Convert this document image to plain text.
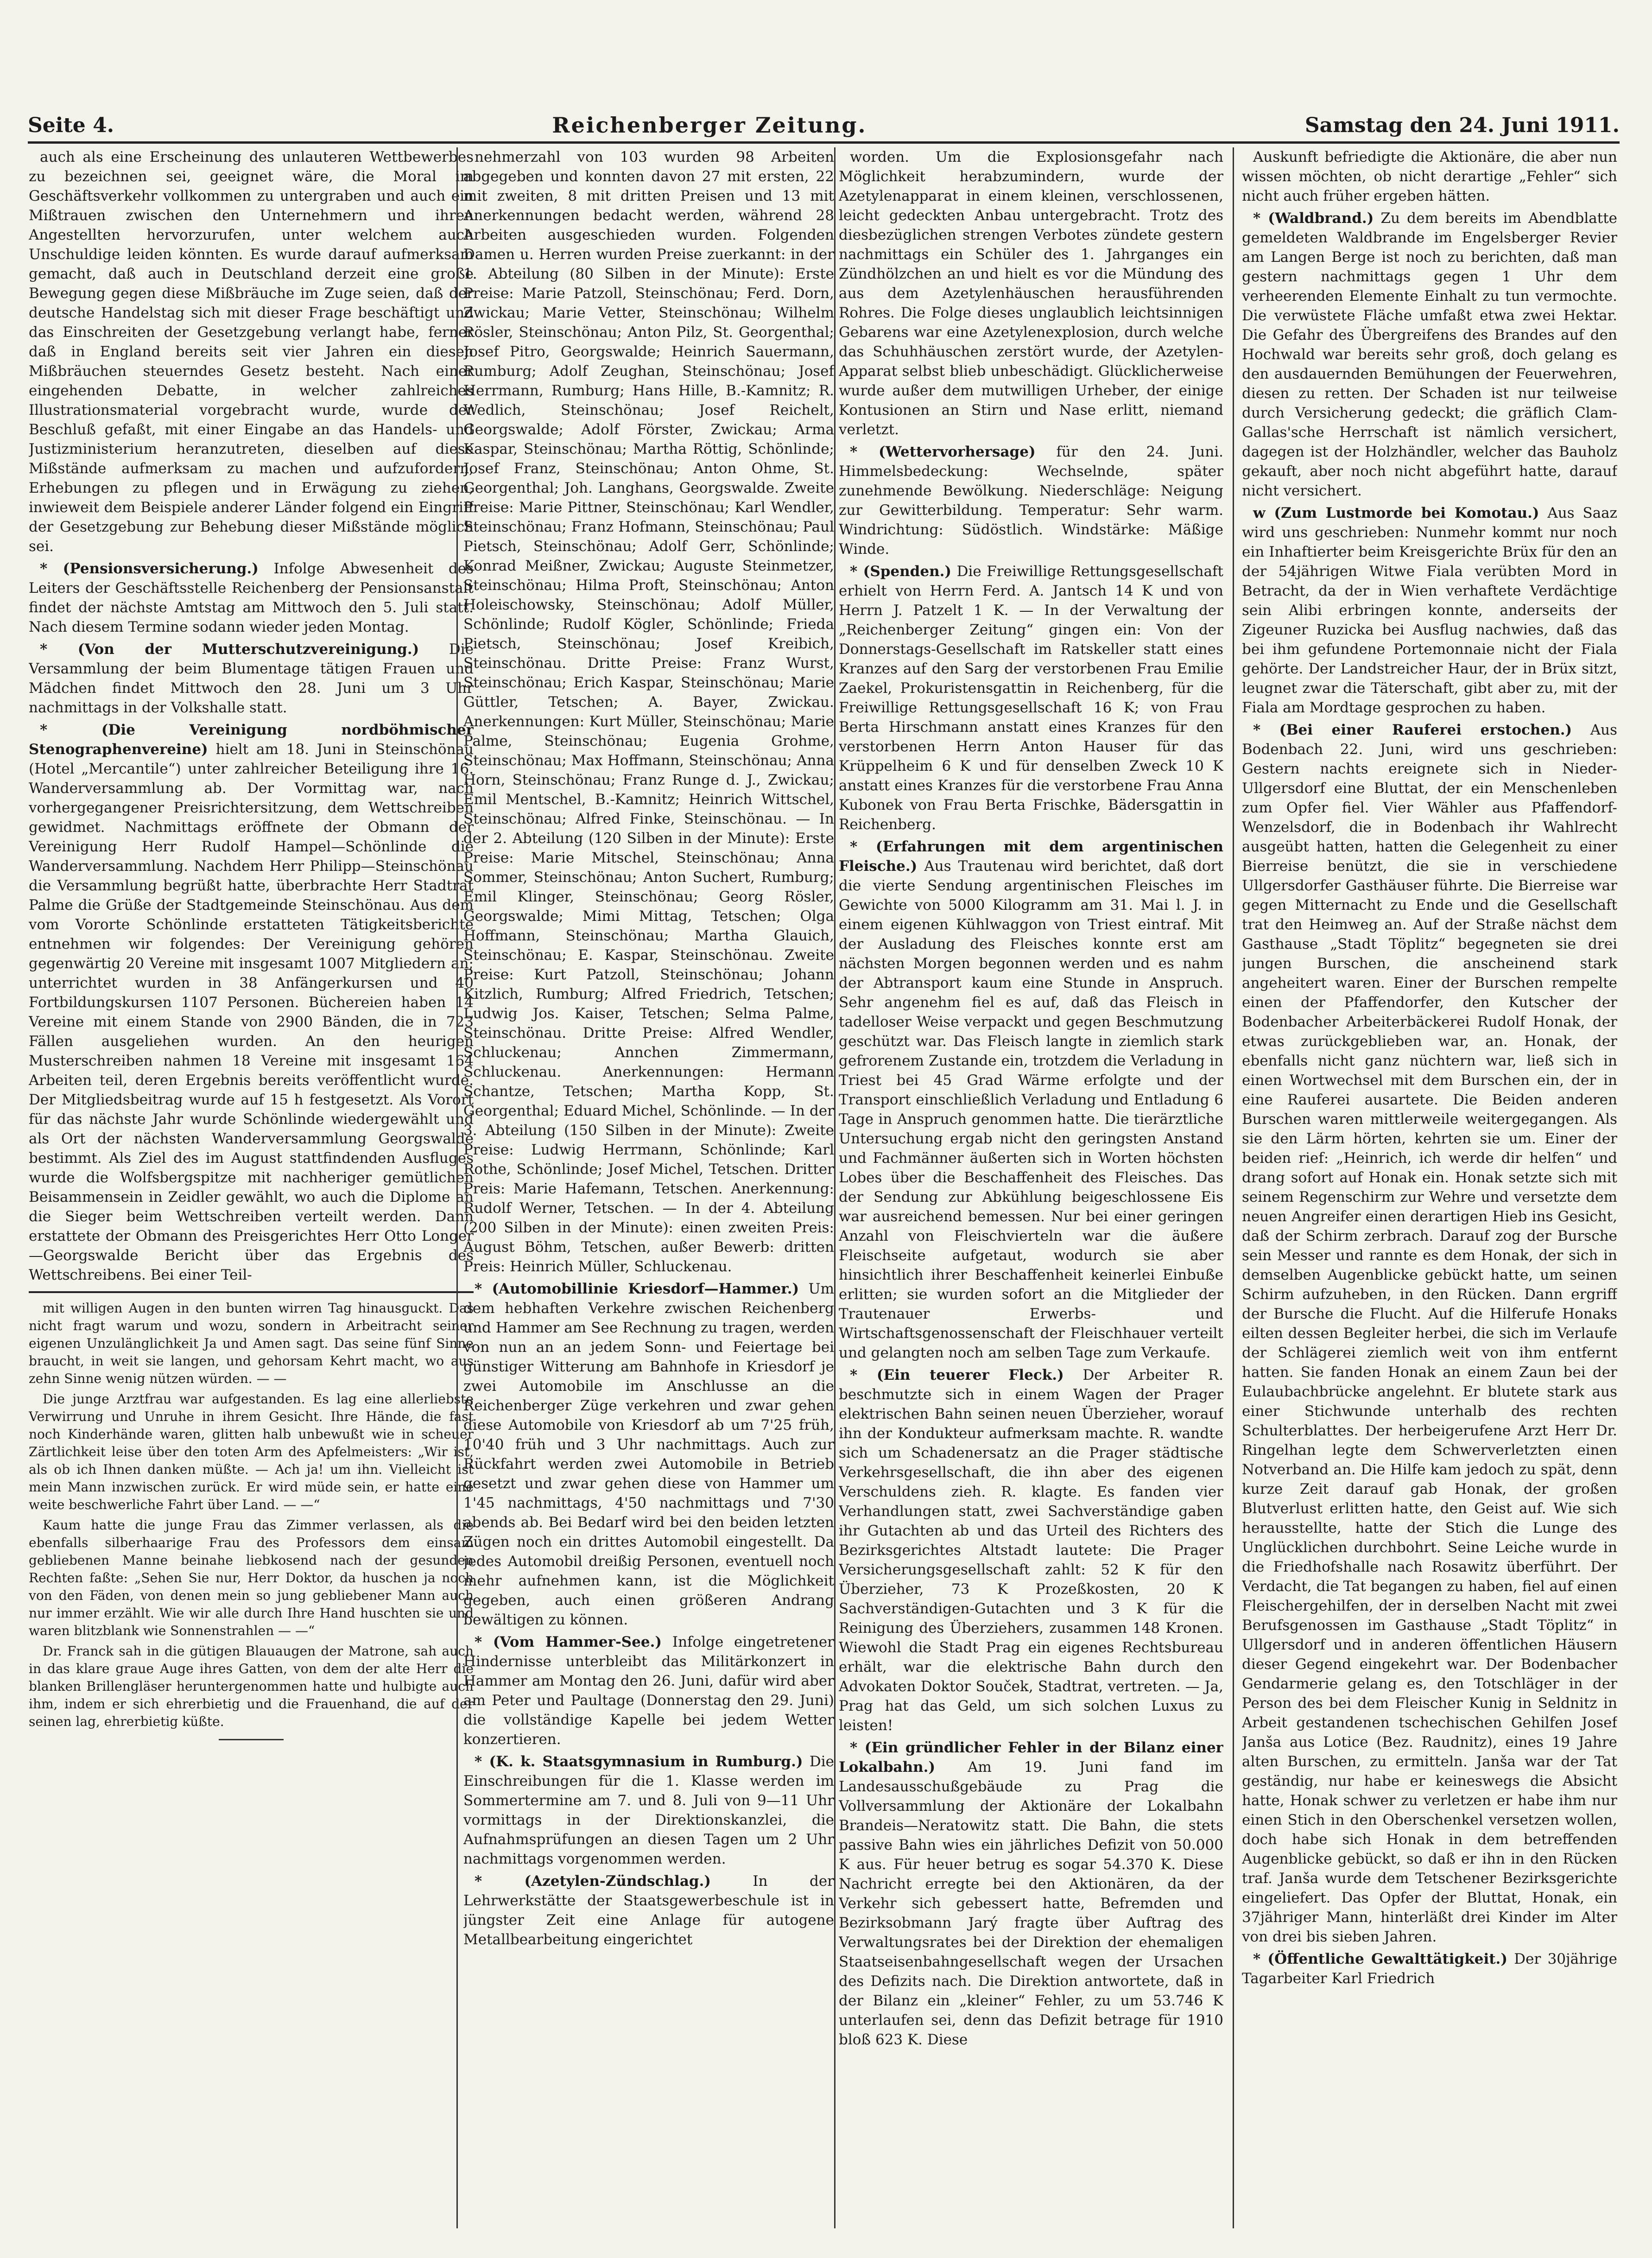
Seite 4.	Reichenberger Zeitung.	Samstag den 24. Juni 1911.

auch als eine Erscheinung des unlauteren Wettbewerbes zu bezeichnen sei, geeignet wäre, die Moral im Geschäftsverkehr vollkommen zu untergraben und auch ein Mißtrauen zwischen den Unternehmern und ihren Angestellten hervorzurufen, unter welchem auch Unschuldige leiden könnten. Es wurde darauf aufmerksam gemacht, daß auch in Deutschland derzeit eine große Bewegung gegen diese Mißbräuche im Zuge seien, daß der deutsche Handelstag sich mit dieser Frage beschäftigt und das Einschreiten der Gesetzgebung verlangt habe, ferner daß in England bereits seit vier Jahren ein diesen Mißbräuchen steuerndes Gesetz besteht. Nach einer eingehenden Debatte, in welcher zahlreiches Illustrationsmaterial vorgebracht wurde, wurde der Beschluß gefaßt, mit einer Eingabe an das Handels- und Justizministerium heranzutreten, dieselben auf diese Mißstände aufmerksam zu machen und aufzufordern, Erhebungen zu pflegen und in Erwägung zu ziehen, inwieweit dem Beispiele anderer Länder folgend ein Eingriff der Gesetzgebung zur Behebung dieser Mißstände möglich sei.

* (Pensionsversicherung.) Infolge Abwesenheit des Leiters der Geschäftsstelle Reichenberg der Pensionsanstalt findet der nächste Amtstag am Mittwoch den 5. Juli statt. Nach diesem Termine sodann wieder jeden Montag.

* (Von der Mutterschutzvereinigung.) Die Versammlung der beim Blumentage tätigen Frauen und Mädchen findet Mittwoch den 28. Juni um 3 Uhr nachmittags in der Volkshalle statt.

* (Die Vereinigung nordböhmischer Stenographenvereine) hielt am 18. Juni in Steinschönau (Hotel „Mercantile“) unter zahlreicher Beteiligung ihre 16. Wanderversammlung ab. Der Vormittag war, nach vorhergegangener Preisrichtersitzung, dem Wettschreiben gewidmet. Nachmittags eröffnete der Obmann der Vereinigung Herr Rudolf Hampel—Schönlinde die Wanderversammlung. Nachdem Herr Philipp—Steinschönau die Versammlung begrüßt hatte, überbrachte Herr Stadtrat Palme die Grüße der Stadtgemeinde Steinschönau. Aus dem vom Vororte Schönlinde erstatteten Tätigkeitsberichte entnehmen wir folgendes: Der Vereinigung gehören gegenwärtig 20 Vereine mit insgesamt 1007 Mitgliedern an; unterrichtet wurden in 38 Anfängerkursen und 40 Fortbildungskursen 1107 Personen. Büchereien haben 14 Vereine mit einem Stande von 2900 Bänden, die in 723 Fällen ausgeliehen wurden. An den heurigen Musterschreiben nahmen 18 Vereine mit insgesamt 164 Arbeiten teil, deren Ergebnis bereits veröffentlicht wurde. Der Mitgliedsbeitrag wurde auf 15 h festgesetzt. Als Vorort für das nächste Jahr wurde Schönlinde wiedergewählt und als Ort der nächsten Wanderversammlung Georgswalde bestimmt. Als Ziel des im August stattfindenden Ausfluges wurde die Wolfsbergspitze mit nachheriger gemütlichen Beisammensein in Zeidler gewählt, wo auch die Diplome an die Sieger beim Wettschreiben verteilt werden. Dann erstattete der Obmann des Preisgerichtes Herr Otto Longer—Georgswalde Bericht über das Ergebnis des Wettschreibens. Bei einer Teil-

mit willigen Augen in den bunten wirren Tag hinausguckt. Das nicht fragt warum und wozu, sondern in Arbeitracht seiner eigenen Unzulänglichkeit Ja und Amen sagt. Das seine fünf Sinne braucht, in weit sie langen, und gehorsam Kehrt macht, wo aus zehn Sinne wenig nützen würden. — —

Die junge Arztfrau war aufgestanden. Es lag eine allerliebste Verwirrung und Unruhe in ihrem Gesicht. Ihre Hände, die fast noch Kinderhände waren, glitten halb unbewußt wie in scheuer Zärtlichkeit leise über den toten Arm des Apfelmeisters: „Wir ist, als ob ich Ihnen danken müßte. — Ach ja! um ihn. Vielleicht ist mein Mann inzwischen zurück. Er wird müde sein, er hatte eine weite beschwerliche Fahrt über Land. — —“

Kaum hatte die junge Frau das Zimmer verlassen, als die ebenfalls silberhaarige Frau des Professors dem einsam gebliebenen Manne beinahe liebkosend nach der gesunden Rechten faßte: „Sehen Sie nur, Herr Doktor, da huschen ja noch von den Fäden, von denen mein so jung gebliebener Mann auch nur immer erzählt. Wie wir alle durch Ihre Hand huschten sie und waren blitzblank wie Sonnenstrahlen — —“

Dr. Franck sah in die gütigen Blauaugen der Matrone, sah auch in das klare graue Auge ihres Gatten, von dem der alte Herr die blanken Brillengläser heruntergenommen hatte und hulbigte auch ihm, indem er sich ehrerbietig und die Frauenhand, die auf der seinen lag, ehrerbietig küßte.

nehmerzahl von 103 wurden 98 Arbeiten abgegeben und konnten davon 27 mit ersten, 22 mit zweiten, 8 mit dritten Preisen und 13 mit Anerkennungen bedacht werden, während 28 Arbeiten ausgeschieden wurden. Folgenden Damen u. Herren wurden Preise zuerkannt: in der 1. Abteilung (80 Silben in der Minute): Erste Preise: Marie Patzoll, Steinschönau; Ferd. Dorn, Zwickau; Marie Vetter, Steinschönau; Wilhelm Rösler, Steinschönau; Anton Pilz, St. Georgenthal; Josef Pitro, Georgswalde; Heinrich Sauermann, Rumburg; Adolf Zeughan, Steinschönau; Josef Herrmann, Rumburg; Hans Hille, B.-Kamnitz; R. Wedlich, Steinschönau; Josef Reichelt, Georgswalde; Adolf Förster, Zwickau; Arma Kaspar, Steinschönau; Martha Röttig, Schönlinde; Josef Franz, Steinschönau; Anton Ohme, St. Georgenthal; Joh. Langhans, Georgswalde. Zweite Preise: Marie Pittner, Steinschönau; Karl Wendler, Steinschönau; Franz Hofmann, Steinschönau; Paul Pietsch, Steinschönau; Adolf Gerr, Schönlinde; Konrad Meißner, Zwickau; Auguste Steinmetzer, Steinschönau; Hilma Proft, Steinschönau; Anton Holeischowsky, Steinschönau; Adolf Müller, Schönlinde; Rudolf Kögler, Schönlinde; Frieda Pietsch, Steinschönau; Josef Kreibich, Steinschönau. Dritte Preise: Franz Wurst, Steinschönau; Erich Kaspar, Steinschönau; Marie Güttler, Tetschen; A. Bayer, Zwickau. Anerkennungen: Kurt Müller, Steinschönau; Marie Palme, Steinschönau; Eugenia Grohme, Steinschönau; Max Hoffmann, Steinschönau; Anna Horn, Steinschönau; Franz Runge d. J., Zwickau; Emil Mentschel, B.-Kamnitz; Heinrich Wittschel, Steinschönau; Alfred Finke, Steinschönau. — In der 2. Abteilung (120 Silben in der Minute): Erste Preise: Marie Mitschel, Steinschönau; Anna Sommer, Steinschönau; Anton Suchert, Rumburg; Emil Klinger, Steinschönau; Georg Rösler, Georgswalde; Mimi Mittag, Tetschen; Olga Hoffmann, Steinschönau; Martha Glauich, Steinschönau; E. Kaspar, Steinschönau. Zweite Preise: Kurt Patzoll, Steinschönau; Johann Kitzlich, Rumburg; Alfred Friedrich, Tetschen; Ludwig Jos. Kaiser, Tetschen; Selma Palme, Steinschönau. Dritte Preise: Alfred Wendler, Schluckenau; Annchen Zimmermann, Schluckenau. Anerkennungen: Hermann Schantze, Tetschen; Martha Kopp, St. Georgenthal; Eduard Michel, Schönlinde. — In der 3. Abteilung (150 Silben in der Minute): Zweite Preise: Ludwig Herrmann, Schönlinde; Karl Rothe, Schönlinde; Josef Michel, Tetschen. Dritter Preis: Marie Hafemann, Tetschen. Anerkennung: Rudolf Werner, Tetschen. — In der 4. Abteilung (200 Silben in der Minute): einen zweiten Preis: August Böhm, Tetschen, außer Bewerb: dritten Preis: Heinrich Müller, Schluckenau.

* (Automobillinie Kriesdorf—Hammer.) Um dem hebhaften Verkehre zwischen Reichenberg und Hammer am See Rechnung zu tragen, werden von nun an an jedem Sonn- und Feiertage bei günstiger Witterung am Bahnhofe in Kriesdorf je zwei Automobile im Anschlusse an die Reichenberger Züge verkehren und zwar gehen diese Automobile von Kriesdorf ab um 7'25 früh, 10'40 früh und 3 Uhr nachmittags. Auch zur Rückfahrt werden zwei Automobile in Betrieb gesetzt und zwar gehen diese von Hammer um 1'45 nachmittags, 4'50 nachmittags und 7'30 abends ab. Bei Bedarf wird bei den beiden letzten Zügen noch ein drittes Automobil eingestellt. Da jedes Automobil dreißig Personen, eventuell noch mehr aufnehmen kann, ist die Möglichkeit gegeben, auch einen größeren Andrang bewältigen zu können.

* (Vom Hammer-See.) Infolge eingetretener Hindernisse unterbleibt das Militärkonzert in Hammer am Montag den 26. Juni, dafür wird aber am Peter und Paultage (Donnerstag den 29. Juni) die vollständige Kapelle bei jedem Wetter konzertieren.

* (K. k. Staatsgymnasium in Rumburg.) Die Einschreibungen für die 1. Klasse werden im Sommertermine am 7. und 8. Juli von 9—11 Uhr vormittags in der Direktionskanzlei, die Aufnahmsprüfungen an diesen Tagen um 2 Uhr nachmittags vorgenommen werden.

* (Azetylen-Zündschlag.)	In der Lehrwerkstätte der Staatsgewerbeschule ist in jüngster Zeit eine Anlage für autogene Metallbearbeitung eingerichtet

worden. Um die Explosionsgefahr nach Möglichkeit herabzumindern, wurde der Azetylenapparat in einem kleinen, verschlossenen, leicht gedeckten Anbau untergebracht. Trotz des diesbezüglichen strengen Verbotes zündete gestern nachmittags ein Schüler des 1. Jahrganges ein Zündhölzchen an und hielt es vor die Mündung des aus dem Azetylenhäuschen herausführenden Rohres. Die Folge dieses unglaublich leichtsinnigen Gebarens war eine Azetylenexplosion, durch welche das Schuhhäuschen zerstört wurde, der Azetylen-Apparat selbst blieb unbeschädigt. Glücklicherweise wurde außer dem mutwilligen Urheber, der einige Kontusionen an Stirn und Nase erlitt, niemand verletzt.

* (Wettervorhersage) für den 24. Juni. Himmelsbedeckung: Wechselnde, später zunehmende Bewölkung. Niederschläge: Neigung zur Gewitterbildung. Temperatur: Sehr warm. Windrichtung: Südöstlich. Windstärke: Mäßige Winde.

* (Spenden.) Die Freiwillige Rettungsgesellschaft erhielt von Herrn Ferd. A. Jantsch 14 K und von Herrn J. Patzelt 1 K. — In der Verwaltung der „Reichenberger Zeitung“ gingen ein: Von der Donnerstags-Gesellschaft im Ratskeller statt eines Kranzes auf den Sarg der verstorbenen Frau Emilie Zaekel, Prokuristensgattin in Reichenberg, für die Freiwillige Rettungsgesellschaft 16 K; von Frau Berta Hirschmann anstatt eines Kranzes für den verstorbenen Herrn Anton Hauser für das Krüppelheim 6 K und für denselben Zweck 10 K anstatt eines Kranzes für die verstorbene Frau Anna Kubonek von Frau Berta Frischke, Bädersgattin in Reichenberg.

* (Erfahrungen mit dem argentinischen Fleische.) Aus Trautenau wird berichtet, daß dort die vierte Sendung argentinischen Fleisches im Gewichte von 5000 Kilogramm am 31. Mai l. J. in einem eigenen Kühlwaggon von Triest eintraf. Mit der Ausladung des Fleisches konnte erst am nächsten Morgen begonnen werden und es nahm der Abtransport kaum eine Stunde in Anspruch. Sehr angenehm fiel es auf, daß das Fleisch in tadelloser Weise verpackt und gegen Beschmutzung geschützt war. Das Fleisch langte in ziemlich stark gefrorenem Zustande ein, trotzdem die Verladung in Triest bei 45 Grad Wärme erfolgte und der Transport einschließlich Verladung und Entladung 6 Tage in Anspruch genommen hatte. Die tierärztliche Untersuchung ergab nicht den geringsten Anstand und Fachmänner äußerten sich in Worten höchsten Lobes über die Beschaffenheit des Fleisches. Das der Sendung zur Abkühlung beigeschlossene Eis war ausreichend bemessen. Nur bei einer geringen Anzahl von Fleischvierteln war die äußere Fleischseite aufgetaut, wodurch sie aber hinsichtlich ihrer Beschaffenheit keinerlei Einbuße erlitten; sie wurden sofort an die Mitglieder der Trautenauer Erwerbs- und Wirtschaftsgenossenschaft der Fleischhauer verteilt und gelangten noch am selben Tage zum Verkaufe.

* (Ein teuerer Fleck.) Der Arbeiter R. beschmutzte sich in einem Wagen der Prager elektrischen Bahn seinen neuen Überzieher, worauf ihn der Konduktеur aufmerksam machte. R. wandte sich um Schadenersatz an die Prager städtische Verkehrsgesellschaft, die ihn aber des eigenen Verschuldens zieh. R. klagte. Es fanden vier Verhandlungen statt, zwei Sachverständige gaben ihr Gutachten ab und das Urteil des Richters des Bezirksgerichtes Altstadt lautete: Die Prager Versicherungsgesellschaft zahlt: 52 K für den Überzieher, 73 K Prozeßkosten, 20 K Sachverständigen-Gutachten und 3 K für die Reinigung des Überziehers, zusammen 148 Kronen. Wiewohl die Stadt Prag ein eigenes Rechtsbureau erhält, war die elektrische Bahn durch den Advokaten Doktor Souček, Stadtrat, vertreten. — Ja, Prag hat das Geld, um sich solchen Luxus zu leisten!

* (Ein gründlicher Fehler in der Bilanz einer Lokalbahn.) Am 19. Juni fand im Landesausschußgebäude zu Prag die Vollversammlung der Aktionäre der Lokalbahn Brandeis—Neratowitz statt. Die Bahn, die stets passive Bahn wies ein jährliches Defizit von 50.000 K aus. Für heuer betrug es sogar 54.370 K. Diese Nachricht erregte bei den Aktionären, da der Verkehr sich gebessert hatte, Befremden und Bezirksobmann Jarý fragte über Auftrag des Verwaltungsrates bei der Direktion der ehemaligen Staatseisenbahngesellschaft wegen der Ursachen des Defizits nach. Die Direktion antwortete, daß in der Bilanz ein „kleiner“ Fehler, zu um 53.746 K unterlaufen sei, denn das Defizit betrage für 1910 bloß 623 K. Diese

Auskunft befriedigte die Aktionäre, die aber nun wissen möchten, ob nicht derartige „Fehler“ sich nicht auch früher ergeben hätten.

* (Waldbrand.) Zu dem bereits im Abendblatte gemeldeten Waldbrande im Engelsberger Revier am Langen Berge ist noch zu berichten, daß man gestern nachmittags gegen 1 Uhr dem verheerenden Elemente Einhalt zu tun vermochte. Die verwüstete Fläche umfaßt etwa zwei Hektar. Die Gefahr des Übergreifens des Brandes auf den Hochwald war bereits sehr groß, doch gelang es den ausdauernden Bemühungen der Feuerwehren, diesen zu retten. Der Schaden ist nur teilweise durch Versicherung gedeckt; die gräflich Clam-Gallas'sche Herrschaft ist nämlich versichert, dagegen ist der Holzhändler, welcher das Bauholz gekauft, aber noch nicht abgeführt hatte, darauf nicht versichert.

w (Zum Lustmorde bei Komotau.) Aus Saaz wird uns geschrieben: Nunmehr kommt nur noch ein Inhaftierter beim Kreisgerichte Brüx für den an der 54jährigen Witwe Fiala verübten Mord in Betracht, da der in Wien verhaftete Verdächtige sein Alibi erbringen konnte, anderseits der Zigeuner Ruzicka bei Ausflug nachwies, daß das bei ihm gefundene Portemonnaie nicht der Fiala gehörte. Der Landstreicher Haur, der in Brüx sitzt, leugnet zwar die Täterschaft, gibt aber zu, mit der Fiala am Mordtage gesprochen zu haben.

* (Bei einer Rauferei erstochen.) Aus Bodenbach 22. Juni, wird uns geschrieben: Gestern nachts ereignete sich in Nieder-Ullgersdorf eine Bluttat, der ein Menschenleben zum Opfer fiel. Vier Wähler aus Pfaffendorf-Wenzelsdorf, die in Bodenbach ihr Wahlrecht ausgeübt hatten, hatten die Gelegenheit zu einer Bierreise benützt, die sie in verschiedene Ullgersdorfer Gasthäuser führte. Die Bierreise war gegen Mitternacht zu Ende und die Gesellschaft trat den Heimweg an. Auf der Straße nächst dem Gasthause „Stadt Töplitz“ begegneten sie drei jungen Burschen, die anscheinend stark angeheitert waren. Einer der Burschen rempelte einen der Pfaffendorfer, den Kutscher der Bodenbacher Arbeiterbäckerei Rudolf Honak, der etwas zurückgeblieben war, an. Honak, der ebenfalls nicht ganz nüchtern war, ließ sich in einen Wortwechsel mit dem Burschen ein, der in eine Rauferei ausartete. Die Beiden anderen Burschen waren mittlerweile weitergegangen. Als sie den Lärm hörten, kehrten sie um. Einer der beiden rief: „Heinrich, ich werde dir helfen“ und drang sofort auf Honak ein. Honak setzte sich mit seinem Regenschirm zur Wehre und versetzte dem neuen Angreifer einen derartigen Hieb ins Gesicht, daß der Schirm zerbrach. Darauf zog der Bursche sein Messer und rannte es dem Honak, der sich in demselben Augenblicke gebückt hatte, um seinen Schirm aufzuheben, in den Rücken. Dann ergriff der Bursche die Flucht. Auf die Hilferufe Honaks eilten dessen Begleiter herbei, die sich im Verlaufe der Schlägerei ziemlich weit von ihm entfernt hatten. Sie fanden Honak an einem Zaun bei der Eulaubachbrücke angelehnt. Er blutete stark aus einer Stichwunde unterhalb des rechten Schulterblattes. Der herbeigerufene Arzt Herr Dr. Ringelhan legte dem Schwerverletzten einen Notverband an. Die Hilfe kam jedoch zu spät, denn kurze Zeit darauf gab Honak, der großen Blutverlust erlitten hatte, den Geist auf. Wie sich herausstellte, hatte der Stich die Lunge des Unglücklichen durchbohrt. Seine Leiche wurde in die Friedhofshalle nach Rosawitz überführt. Der Verdacht, die Tat begangen zu haben, fiel auf einen Fleischergehilfen, der in derselben Nacht mit zwei Berufsgenossen im Gasthause „Stadt Töplitz“ in Ullgersdorf und in anderen öffentlichen Häusern dieser Gegend eingekehrt war. Der Bodenbacher Gendarmerie gelang es, den Totschläger in der Person des bei dem Fleischer Kunig in Seldnitz in Arbeit gestandenen tschechischen Gehilfen Josef Janša aus Lotice (Bez. Raudnitz), eines 19 Jahre alten Burschen, zu ermitteln. Janša war der Tat geständig, nur habe er keineswegs die Absicht hatte, Honak schwer zu verletzen er habe ihm nur einen Stich in den Oberschenkel versetzen wollen, doch habe sich Honak in dem betreffenden Augenblicke gebückt, so daß er ihn in den Rücken traf. Janša wurde dem Tetschener Bezirksgerichte eingeliefert. Das Opfer der Bluttat, Honak, ein 37jähriger Mann, hinterläßt drei Kinder im Alter von drei bis sieben Jahren.

* (Öffentliche Gewalttätigkeit.) Der 30jährige Tagarbeiter Karl Friedrich
